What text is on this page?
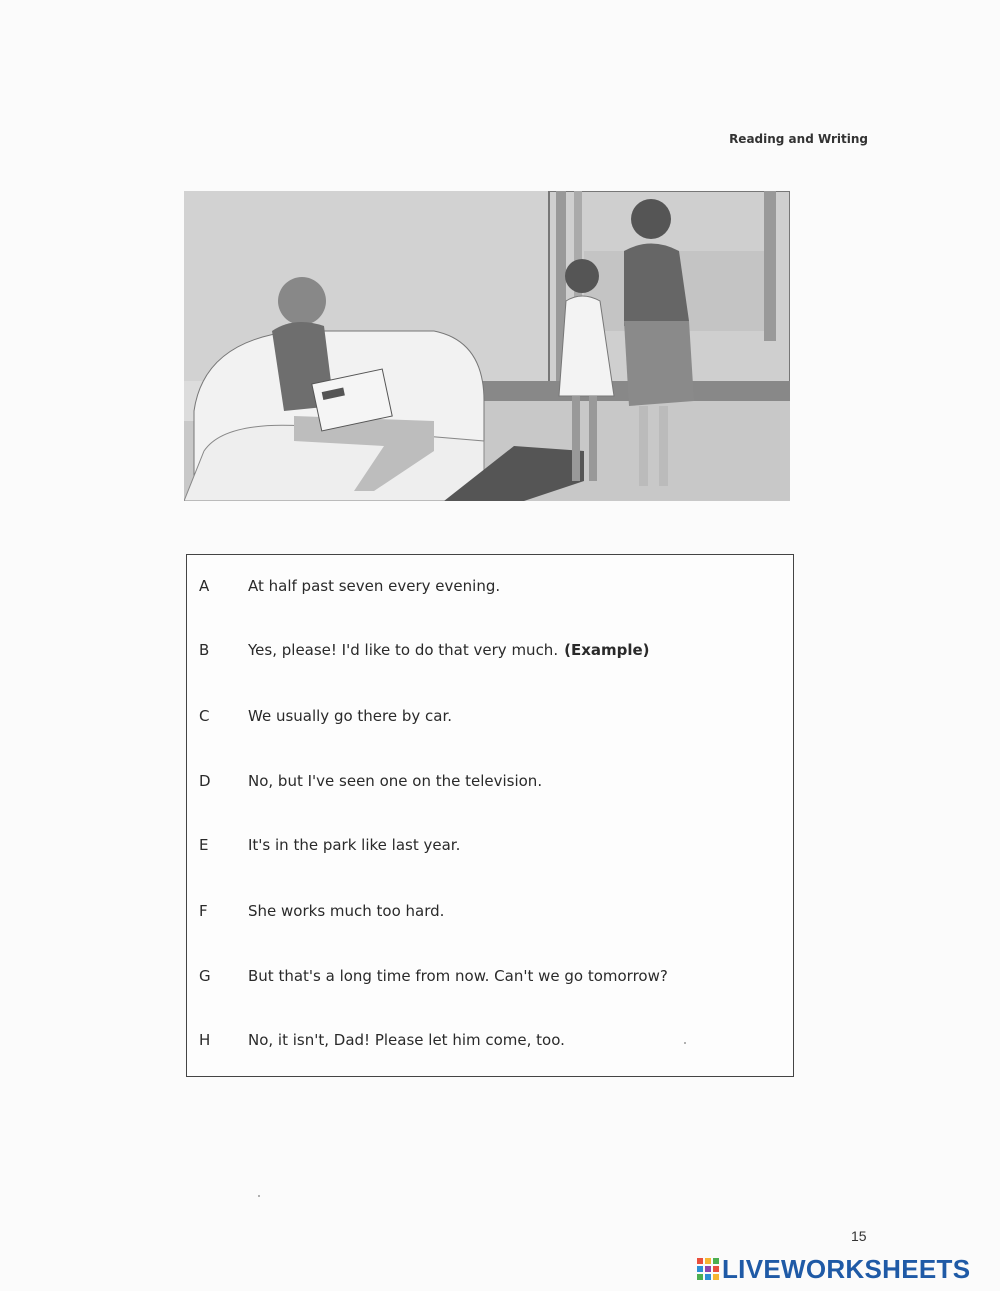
Reading and Writing
A	At half past seven every evening.
B	Yes, please! I'd like to do that very much. (Example)
C	We usually go there by car.
D	No, but I've seen one on the television.
E	It's in the park like last year.
F	She works much too hard.
G	But that's a long time from now. Can't we go tomorrow?
H	No, it isn't, Dad! Please let him come, too.
15
LIVEWORKSHEETS
